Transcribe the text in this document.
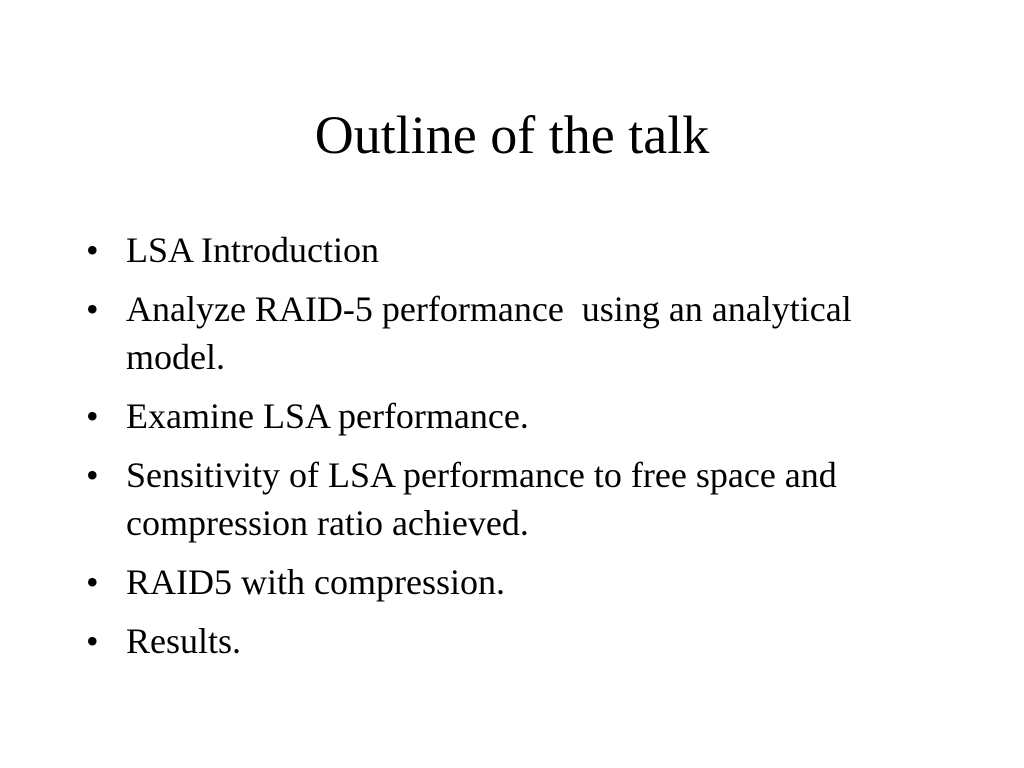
Outline of the talk
• LSA Introduction
• Analyze RAID-5 performance  using an analytical model.
• Examine LSA performance.
• Sensitivity of LSA performance to free space and compression ratio achieved.
• RAID5 with compression.
• Results.
